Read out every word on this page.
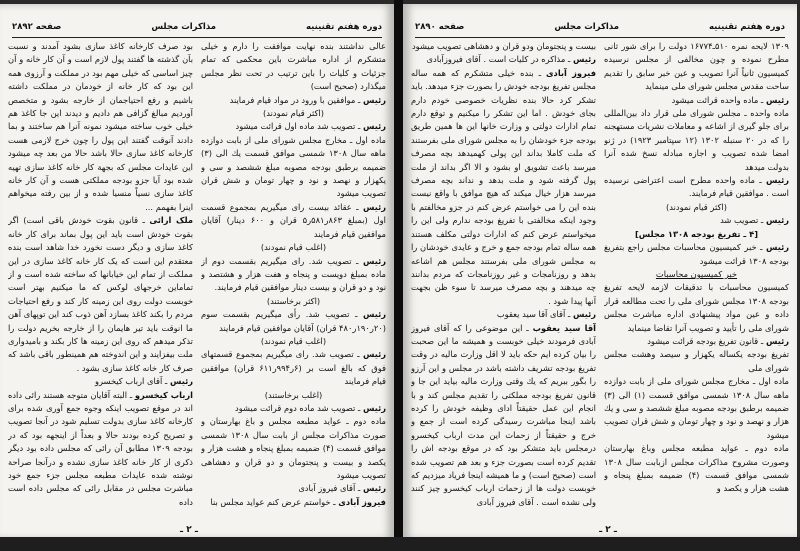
دوره هفتم تقنینیه
مذاکرات مجلس
صفحه ۲۸۹۲

عالی نداشتند بنده نهایت موافقت را دارم و خیلی متشکرم از اداره مباشرت باین محکمی که تمام جزئیات و کلیات را باین ترتیب در تحت نظر مجلس میگذارد (صحیح است)

رئیس ـ موافقین با ورود در مواد قیام فرمایند

(اکثر قیام نمودند)

رئیس ـ تصویب شد ماده اول قرائت میشود

ماده اول ـ مخارج مجلس شورای ملی از بابت دوازده ماهه سال ۱۳۰۸ شمسی موافق قسمت یك الی (۳) ضمیمه برطبق بودجه مصوبه مبلغ ششصد و سی و یکهزار و نهصد و نود و چهار تومان و شش قران تصویب میشود

رئیس ـ عقائد بیست رای میگیریم بمجموع قسمت اول (بمبلغ ۸۶۳ر۵۸۱ر۵ قران و ۶۰۰ دینار) آقایان موافقین قیام فرمایند

(اغلب قیام نمودند)

رئیس ـ تصویب شد. رای میگیریم بقسمت دوم از ماده بمبلغ دویست و پنجاه و هفت هزار و هشتصد و نود و دو قران و بیست دینار موافقین قیام فرمایند.

(اکثر برخاستند)

رئیس ـ تصویب شد. رأی میگیریم بقسمت سوم (۲۰ر۱۹۰ر۴۸۰ قران) آقایان موافقین قیام فرمایند

(اغلب قیام نمودند)

رئیس ـ تصویب شد. رای میگیریم بمجموع قسمتهای فوق که بالغ است بر (۶ر۹۹۴ر۶۱۱ قران) موافقین قیام فرمایند

(اغلب برخاستند)

رئیس ـ تصویب شد ماده دوم قرائت میشود

ماده دوم ـ عواید مطبعه مجلس و باغ بهارستان و صورت مذاکرات مجلس از بابت سال ۱۳۰۸ شمسی موافق قسمت (۴) ضمیمه بمبلغ پنجاه و هشت هزار و یکصد و بیست و پنجتومان و دو قران و دهشاهی تصویب میشود

رئیس ـ آقای فیروز آبادی

فیروز آبادی ـ خواستم عرض کنم عواید مجلس بنا

بود صرف کارخانه کاغذ سازی بشود آمدند و نسبت بآن گذشته ها گفتند پول لازم است و آن کار خانه و آن چیز اساسی که خیلی مهم بود در مملکت و آرزوی همه این بود که کار خانه از خودمان در مملکت داشته باشیم و رفع احتیاجمان از خارجه بشود و متخصص آوردیم مبالغ گزافی هم دادیم و دیدند این جا کاغذ هم خیلی خوب ساخته میشود نمونه آنرا هم ساختند و بما دادند آنوقت گفتند این پول را چون خرج لازمی هست کارخانه کاغذ سازی حالا باشد حالا من بعد چه میشود این عایدات مجلس که بجهة کار خانه کاغذ سازی تهیه شده بود آیا جزو بودجه مملکتی هست و آن کار خانه کاغذ سازی نسیاً منسیا شده و از بین رفته میخواهم اینرا بفهمم ...

ملک ارائی ـ قانون بقوت خودش باقی است) اگر بقوت خودش است باید این پول بماند برای کار خانه کاغذ سازی و دیگر دست نخورد خدا شاهد است بنده معتقدم این است که یک کار خانه کاغذ سازی در این مملکت از تمام این خیابانها که ساخته شده است و از تماماین خرجهای لوکس که ما میکنیم بهتر است خوبست دولت روی این زمینه کار کند و رفع احتیاجات مردم را بکند کاغذ بسازد آهن ذوب کند این توپهای آهن ما انوقت باید تیر هایمان را از خارجه بخریم دولت را تذکر میدهم که روی این زمینه ها کار بکند و بامیدواری ملت بیفزایند و این اندوخته هم همینطور باقی باشد که صرف کار خانه کاغذ سازی بشود .

رئیس ـ آقای ارباب کیخسرو

ارباب کیخسرو ـ البته آقایان متوجه هستند رائی داده اند در موقع تصویب اینکه وجوه جمع آوری شده برای کارخانه کاغذ سازی بدولت تسلیم شود در آنجا تصویب و تصریح کرده بودند حالا و بعداً از اینجهه بود که در بودجه ۱۳۰۹ مطابق آن رائی که مجلس داده بود دیگر ذکری از کار خانه کاغذ سازی نشده و درآنجا صراحة نوشته شده عایدات مطبعه مجلس جزء جمع خود مباشرت مجلس در مقابل رائی که مجلس داده است داده

ـ ۲ ـ
دوره هفتم تقنینیه
مذاکرات مجلس
صفحه ۲۸۹۰

۱۳۰۹ لایحه نمره ۵۱۰ـ۱۶۷۷۴ دولت را برای شور ثانی مطرح نموده و چون مخالفی از مجلس نرسیده کمیسیون ثانیاً آنرا تصویب و عین خبر سابق را تقدیم ساحت مقدس مجلس شورای ملی مینماید

رئیس ـ ماده واحده قرائت میشود

ماده واحده ـ مجلس شورای ملی قرار داد بین‌المللی برای جلو گیری از اشاعه و معاملات نشریات مستهجنه را که در ۲۰ سنبله ۱۳۰۲ (۱۲ سپتامبر ۱۹۲۳) در ژنو امضا شده تصویب و اجازه مبادله نسخ شده آنرا بدولت میدهد

رئیس ـ ماده واحده مطرح است اعتراضی نرسیده است . موافقین قیام فرمایند.

(اکثر قیام نمودند)

رئیس ـ تصویب شد

[۴ ـ تفریغ بودجه ۱۳۰۸ مجلس]

رئیس ـ خبر کمیسیون محاسبات مجلس راجع بتفریغ بودجه ۱۳۰۸ قرائت میشود

خبر کمیسیون محاسبات

کمیسیون محاسبات با تدقیقات لازمه لایحه تفریغ بودجه ۱۳۰۸ مجلس شورای ملی را تحت مطالعه قرار داده و عین مواد پیشنهادی اداره مباشرت مجلس شورای ملی را تأیید و تصویب آنرا تقاضا مینماید

رئیس ـ قانون تفریغ بودجه قرائت میشود

تفریغ بودجه یکساله یکهزار و سیصد وهشت مجلس شورای ملی

ماده اول ـ مخارج مجلس شورای ملی از بابت دوازده ماهه سال ۱۳۰۸ شمسی موافق قسمت (۱) الی (۳) ضمیمه برطبق بودجه مصوبه مبلغ ششصد و سی و یك هزار و نهصد و نود و چهار تومان و شش قران تصویب میشود

ماده دوم ـ عواید مطبعه مجلس وباغ بهارستان وصورت مشروح مذاکرات مجلس ازبابت سال ۱۳۰۸ شمسی موافق قسمت (۴) ضمیمه بمبلغ پنجاه و هشت هزار و یکصد و

بیست و پنجتومان ودو قران و دهشاهی تصویب میشود

رئیس ـ مذاکره در کلیات است . آقای فیروزآبادی

فیروز آبادی ـ بنده خیلی متشکرم که همه ساله مجلس تفریغ بودجه خودش را بصورت جزء میدهد. باید تشکر کرد حالا بنده نظریات خصوصی خودم دارم بجای خودش . اما این تشکر را میکنیم و توقع دارم تمام ادارات دولتی و وزارت خانها این ها همین طریق بودجه جزء خودشان را به مجلس شورای ملی بفرستند که ملت کاملا بداند این پولی کهمیدهد بچه مصرف میرسد باعث تشویق او بشود و الا اگر بداند از ملت پول گرفته شود و ملت بدهد و نداند بچه مصرف میرسد هزار خیال میکند که هیچ موافق با واقع نیست بنده این را می خواستم عرض کنم در جزو مخالفتم با وجود اینکه مخالفتی با تفریغ بودجه ندارم ولی این را میخواستم عرض کنم که ادارات دولتی مکلف هستند همه ساله تمام بودجه جمع و خرج و عایدی خودشان را به مجلس شورای ملی بفرستند مجلس هم اشاعه بدهد و روزنامجات و غیر روزنامجات که مردم بدانند چه میدهند و بچه مصرف میرسد تا سوء ظن بجهت آنها پیدا شود .

رئیس ـ آقای آقا سید یعقوب

آقا سید یعقوب ـ این موضوعی را که آقای فیروز آبادی فرمودند خیلی خوبست و همیشه ما این صحبت را بیان کرده ایم حکه باید لا اقل وزارت مالیه در وقت تفریغ بودجه تشریف داشته باشد در مجلس و این آرزو را بگور ببریم که یك وقتی وزارت مالیه بیاید این جا و قانون تفریغ بودجه مملکتی را تقدیم مجلس کند و با انجام این عمل حقیقتاً ادای وظیفه خودش را کرده باشد اینجا مباشرت رسیدگی کرده است از جمع و خرج و حقیقتاً از زحمات این مدت ارباب کیخسرو درمجلس باید متشکر بود که در موقع بودجه اش را تقدیم کرده است بصورت جزء و بعد هم تصویب شده است (صحیح است) و ما همیشه اینجا فریاد میزدیم که خوبست دولت ها از زحمات ارباب کیخسرو چیز کنند ولی نشده است . آقای فیروز آبادی

ـ ۲ ـ
